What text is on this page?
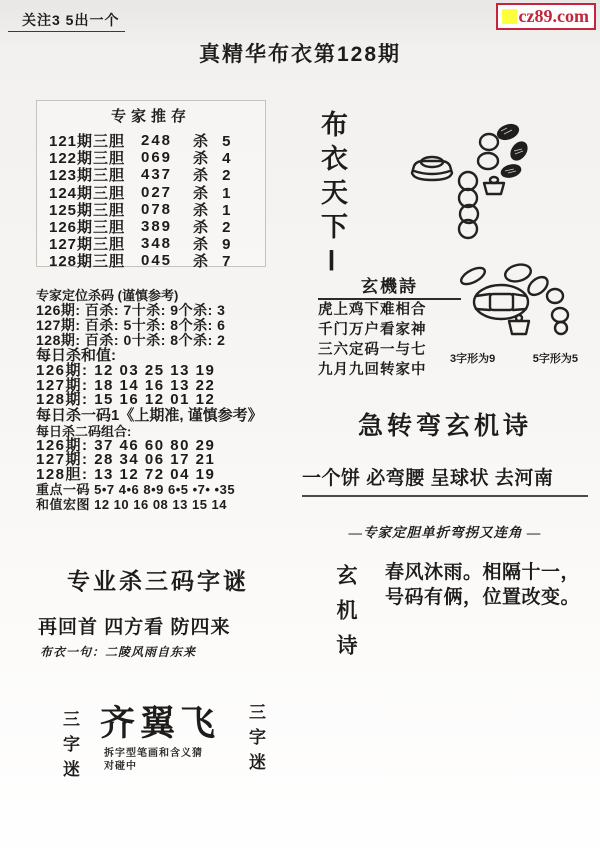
关注3 5出一个	cz89.com
真精华布衣第128期
专家推存
121期三胆	248	杀 5
122期三胆	069	杀 4
123期三胆	437	杀 2
124期三胆	027	杀 1
125期三胆	078	杀 1
126期三胆	389	杀 2
127期三胆	348	杀 9
128期三胆	045	杀 7
专家定位杀码 (谨慎参考)
126期: 百杀: 7十杀: 9个杀: 3
127期: 百杀: 5十杀: 8个杀: 6
128期: 百杀: 0十杀: 8个杀: 2
每日杀和值:
126期: 12 03 25 13 19
127期: 18 14 16 13 22
128期: 15 16 12 01 12
每日杀一码1《上期准, 谨慎参考》
每日杀二码组合:
126期: 37 46 60 80 29
127期: 28 34 06 17 21
128胆: 13 12 72 04 19
重点一码 5•7 4•6 8•9 6•5 •7• •35
和值宏图 12 10 16 08 13 15 14
专业杀三码字谜
再回首 四方看 防四来
布衣一句：二陵风雨自东来
三字迷 齐翼飞
拆字型笔画和含义猜
对碰中	三字迷
布衣天下Ⅰ
玄機詩
虎上鸡下难相合
千门万户看家神
三六定码一与七
九月九回转家中
3字形为9	5字形为5
急转弯玄机诗
一个饼 必弯腰 呈球状 去河南
—专家定胆单折弯拐又连角 —
玄机诗 春风沐雨。相隔十一，
号码有俩，位置改变。
